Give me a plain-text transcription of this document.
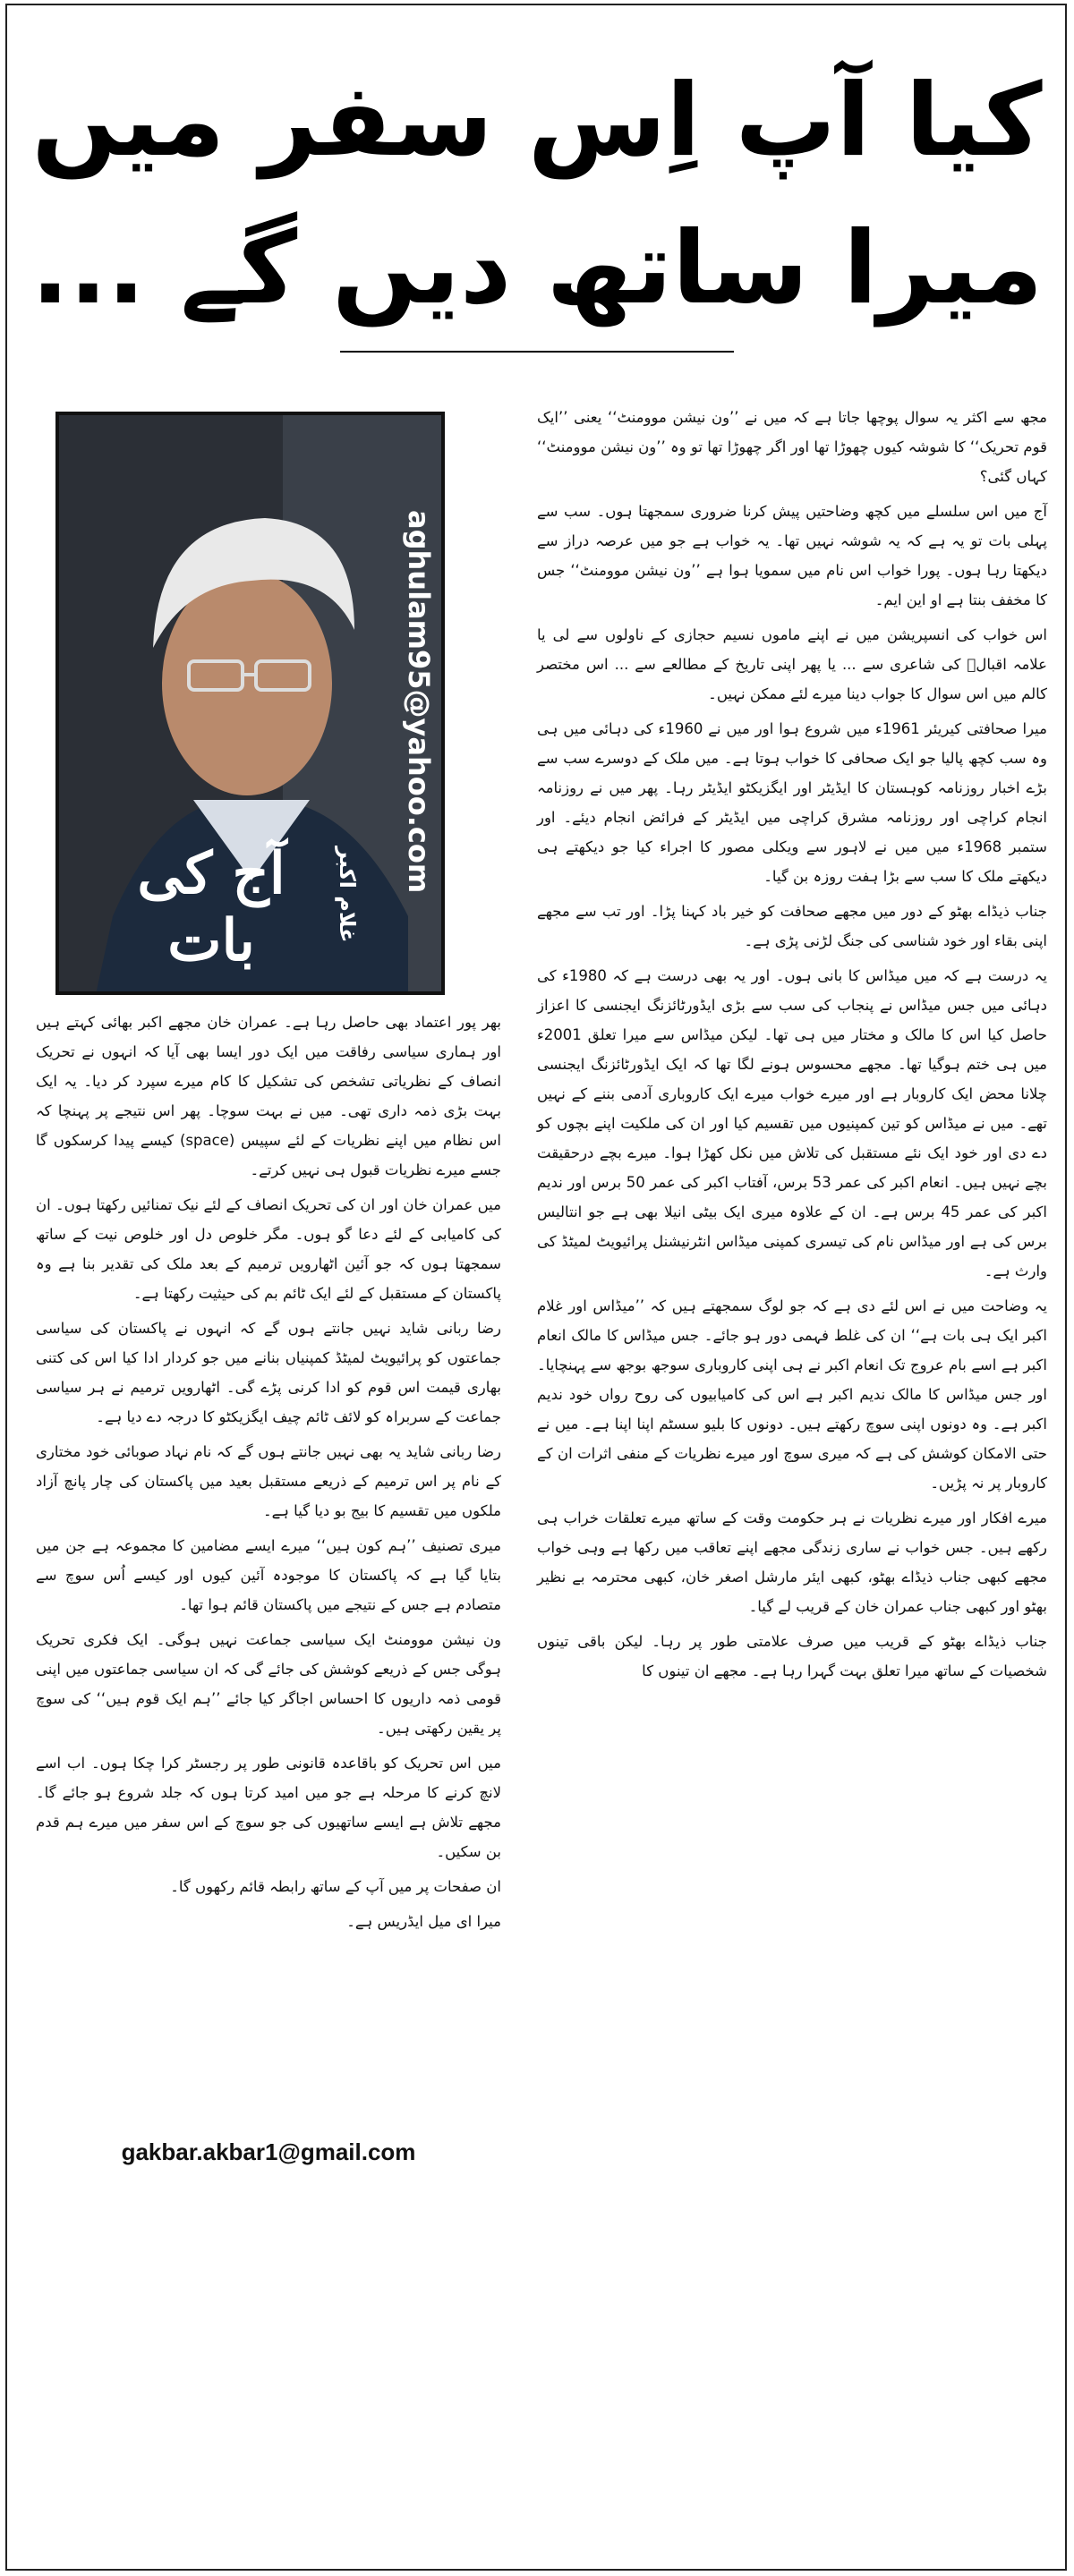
کیا آپ اِس سفر میں
میرا ساتھ دیں گے ...
aghulam95@yahoo.com
آج کی بات	غلام اکبر

مجھ سے اکثر یہ سوال پوچھا جاتا ہے کہ میں نے ’’ون نیشن موومنٹ‘‘ یعنی ’’ایک قوم تحریک‘‘ کا شوشہ کیوں چھوڑا تھا اور اگر چھوڑا تھا تو وہ ’’ون نیشن موومنٹ‘‘ کہاں گئی؟

آج میں اس سلسلے میں کچھ وضاحتیں پیش کرنا ضروری سمجھتا ہوں۔ سب سے پہلی بات تو یہ ہے کہ یہ شوشہ نہیں تھا۔ یہ خواب ہے جو میں عرصہ دراز سے دیکھتا رہا ہوں۔ پورا خواب اس نام میں سمویا ہوا ہے ’’ون نیشن موومنٹ‘‘ جس کا مخفف بنتا ہے او این ایم۔

اس خواب کی انسپریشن میں نے اپنے ماموں نسیم حجازی کے ناولوں سے لی یا علامہ اقبالؒ کی شاعری سے ... یا پھر اپنی تاریخ کے مطالعے سے ... اس مختصر کالم میں اس سوال کا جواب دینا میرے لئے ممکن نہیں۔

میرا صحافتی کیریئر 1961ء میں شروع ہوا اور میں نے 1960ء کی دہائی میں ہی وہ سب کچھ پالیا جو ایک صحافی کا خواب ہوتا ہے۔ میں ملک کے دوسرے سب سے بڑے اخبار روزنامہ کوہستان کا ایڈیٹر اور ایگزیکٹو ایڈیٹر رہا۔ پھر میں نے روزنامہ انجام کراچی اور روزنامہ مشرق کراچی میں ایڈیٹر کے فرائض انجام دیئے۔ اور ستمبر 1968ء میں میں نے لاہور سے ویکلی مصور کا اجراء کیا جو دیکھتے ہی دیکھتے ملک کا سب سے بڑا ہفت روزہ بن گیا۔

جناب ذیڈاے بھٹو کے دور میں مجھے صحافت کو خیر باد کہنا پڑا۔ اور تب سے مجھے اپنی بقاء اور خود شناسی کی جنگ لڑنی پڑی ہے۔

یہ درست ہے کہ میں میڈاس کا بانی ہوں۔ اور یہ بھی درست ہے کہ 1980ء کی دہائی میں جس میڈاس نے پنجاب کی سب سے بڑی ایڈورٹائزنگ ایجنسی کا اعزاز حاصل کیا اس کا مالک و مختار میں ہی تھا۔ لیکن میڈاس سے میرا تعلق 2001ء میں ہی ختم ہوگیا تھا۔ مجھے محسوس ہونے لگا تھا کہ ایک ایڈورٹائزنگ ایجنسی چلانا محض ایک کاروبار ہے اور میرے خواب میرے ایک کاروباری آدمی بننے کے نہیں تھے۔ میں نے میڈاس کو تین کمپنیوں میں تقسیم کیا اور ان کی ملکیت اپنے بچوں کو دے دی اور خود ایک نئے مستقبل کی تلاش میں نکل کھڑا ہوا۔ میرے بچے درحقیقت بچے نہیں ہیں۔ انعام اکبر کی عمر 53 برس، آفتاب اکبر کی عمر 50 برس اور ندیم اکبر کی عمر 45 برس ہے۔ ان کے علاوہ میری ایک بیٹی انیلا بھی ہے جو انتالیس برس کی ہے اور میڈاس نام کی تیسری کمپنی میڈاس انٹرنیشنل پرائیویٹ لمیٹڈ کی وارث ہے۔

یہ وضاحت میں نے اس لئے دی ہے کہ جو لوگ سمجھتے ہیں کہ ’’میڈاس اور غلام اکبر ایک ہی بات ہے‘‘ ان کی غلط فہمی دور ہو جائے۔ جس میڈاس کا مالک انعام اکبر ہے اسے بام عروج تک انعام اکبر نے ہی اپنی کاروباری سوجھ بوجھ سے پہنچایا۔ اور جس میڈاس کا مالک ندیم اکبر ہے اس کی کامیابیوں کی روح رواں خود ندیم اکبر ہے۔ وہ دونوں اپنی سوچ رکھتے ہیں۔ دونوں کا بلیو سسٹم اپنا اپنا ہے۔ میں نے حتی الامکان کوشش کی ہے کہ میری سوچ اور میرے نظریات کے منفی اثرات ان کے کاروبار پر نہ پڑیں۔

میرے افکار اور میرے نظریات نے ہر حکومت وقت کے ساتھ میرے تعلقات خراب ہی رکھے ہیں۔ جس خواب نے ساری زندگی مجھے اپنے تعاقب میں رکھا ہے وہی خواب مجھے کبھی جناب ذیڈاے بھٹو، کبھی ایئر مارشل اصغر خان، کبھی محترمہ بے نظیر بھٹو اور کبھی جناب عمران خان کے قریب لے گیا۔

جناب ذیڈاے بھٹو کے قریب میں صرف علامتی طور پر رہا۔ لیکن باقی تینوں شخصیات کے ساتھ میرا تعلق بہت گہرا رہا ہے۔ مجھے ان تینوں کا

بھر پور اعتماد بھی حاصل رہا ہے۔ عمران خان مجھے اکبر بھائی کہتے ہیں اور ہماری سیاسی رفاقت میں ایک دور ایسا بھی آیا کہ انہوں نے تحریک انصاف کے نظریاتی تشخص کی تشکیل کا کام میرے سپرد کر دیا۔ یہ ایک بہت بڑی ذمہ داری تھی۔ میں نے بہت سوچا۔ پھر اس نتیجے پر پہنچا کہ اس نظام میں اپنے نظریات کے لئے سپیس (space) کیسے پیدا کرسکوں گا جسے میرے نظریات قبول ہی نہیں کرتے۔

میں عمران خان اور ان کی تحریک انصاف کے لئے نیک تمنائیں رکھتا ہوں۔ ان کی کامیابی کے لئے دعا گو ہوں۔ مگر خلوص دل اور خلوص نیت کے ساتھ سمجھتا ہوں کہ جو آئین اٹھارویں ترمیم کے بعد ملک کی تقدیر بنا ہے وہ پاکستان کے مستقبل کے لئے ایک ٹائم بم کی حیثیت رکھتا ہے۔

رضا ربانی شاید نہیں جانتے ہوں گے کہ انہوں نے پاکستان کی سیاسی جماعتوں کو پرائیویٹ لمیٹڈ کمپنیاں بنانے میں جو کردار ادا کیا اس کی کتنی بھاری قیمت اس قوم کو ادا کرنی پڑے گی۔ اٹھارویں ترمیم نے ہر سیاسی جماعت کے سربراہ کو لائف ٹائم چیف ایگزیکٹو کا درجہ دے دیا ہے۔

رضا ربانی شاید یہ بھی نہیں جانتے ہوں گے کہ نام نہاد صوبائی خود مختاری کے نام پر اس ترمیم کے ذریعے مستقبل بعید میں پاکستان کی چار پانچ آزاد ملکوں میں تقسیم کا بیج بو دیا گیا ہے۔

میری تصنیف ’’ہم کون ہیں‘‘ میرے ایسے مضامین کا مجموعہ ہے جن میں بتایا گیا ہے کہ پاکستان کا موجودہ آئین کیوں اور کیسے اُس سوچ سے متصادم ہے جس کے نتیجے میں پاکستان قائم ہوا تھا۔

ون نیشن موومنٹ ایک سیاسی جماعت نہیں ہوگی۔ ایک فکری تحریک ہوگی جس کے ذریعے کوشش کی جائے گی کہ ان سیاسی جماعتوں میں اپنی قومی ذمہ داریوں کا احساس اجاگر کیا جائے ’’ہم ایک قوم ہیں‘‘ کی سوچ پر یقین رکھتی ہیں۔

میں اس تحریک کو باقاعدہ قانونی طور پر رجسٹر کرا چکا ہوں۔ اب اسے لانچ کرنے کا مرحلہ ہے جو میں امید کرتا ہوں کہ جلد شروع ہو جائے گا۔ مجھے تلاش ہے ایسے ساتھیوں کی جو سوچ کے اس سفر میں میرے ہم قدم بن سکیں۔

ان صفحات پر میں آپ کے ساتھ رابطہ قائم رکھوں گا۔

میرا ای میل ایڈریس ہے۔

gakbar.akbar1@gmail.com
